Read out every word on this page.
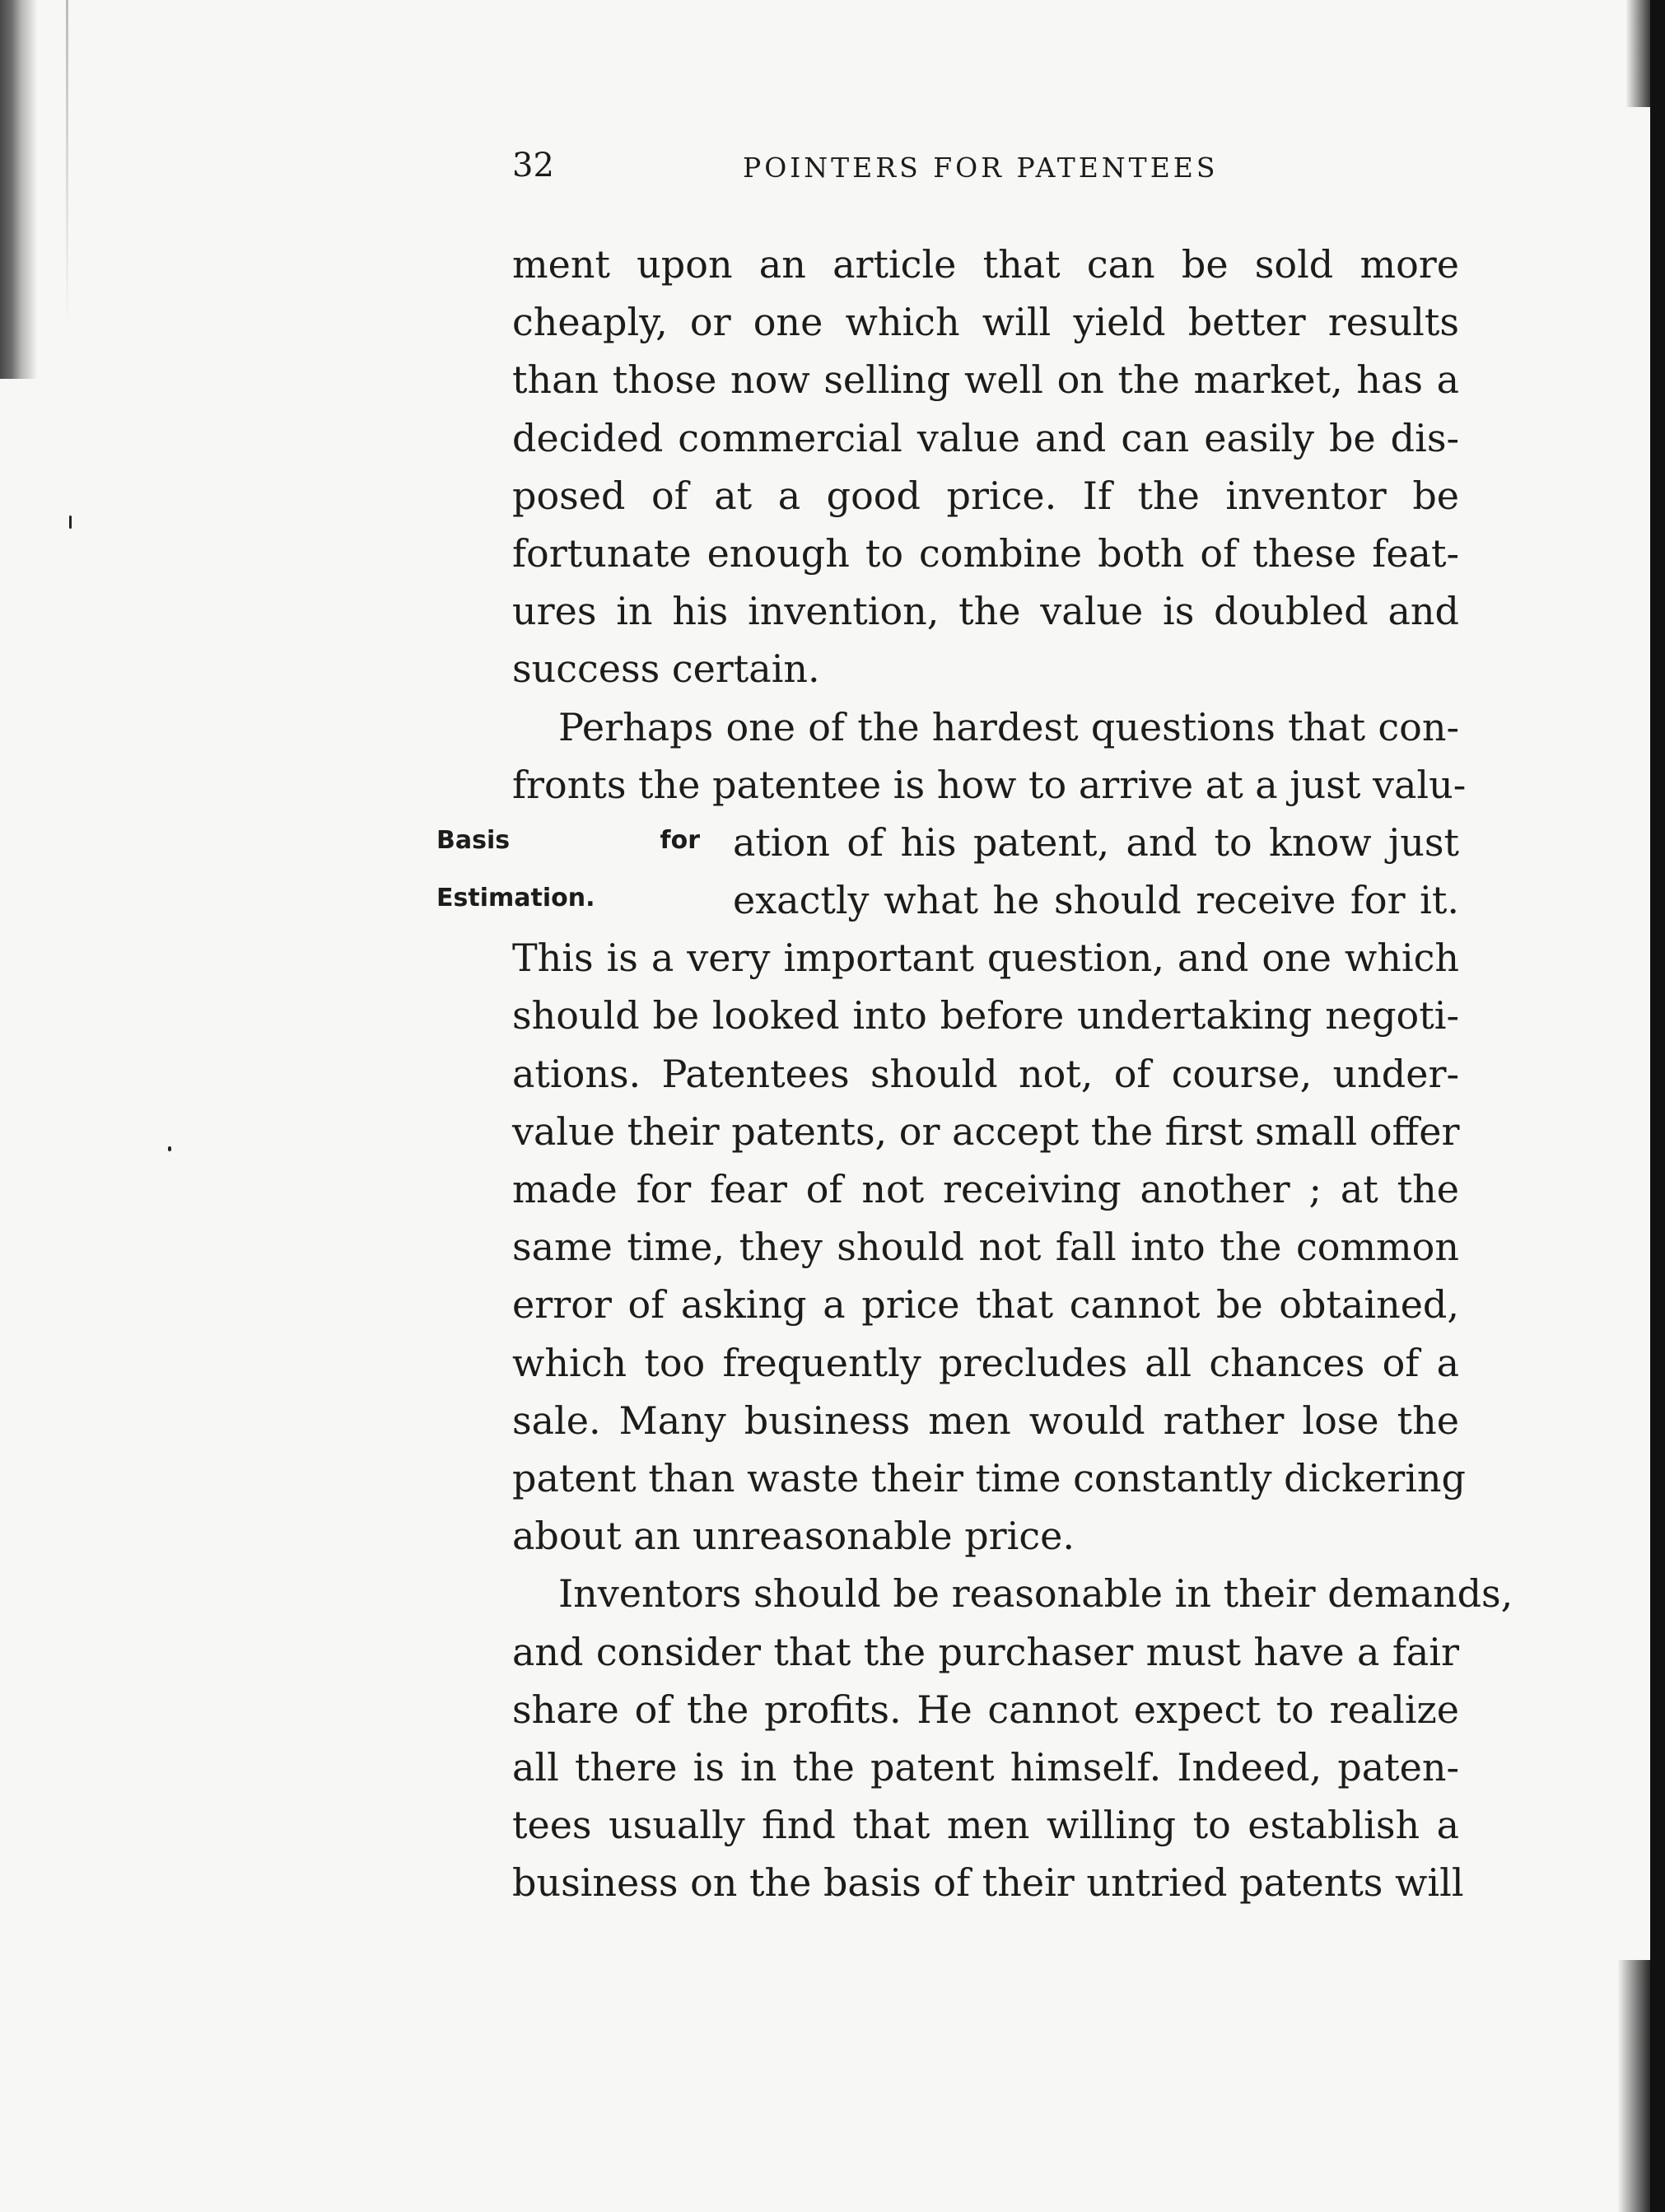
32	POINTERS FOR PATENTEES
ment upon an article that can be sold more
cheaply, or one which will yield better results
than those now selling well on the market, has a
decided commercial value and can easily be dis-
posed of at a good price. If the inventor be
fortunate enough to combine both of these feat-
ures in his invention, the value is doubled and
success certain.
Perhaps one of the hardest questions that con-
fronts the patentee is how to arrive at a just valu-
Basis for
Estimation.
ation of his patent, and to know just
exactly what he should receive for it.
This is a very important question, and one which
should be looked into before undertaking negoti-
ations. Patentees should not, of course, under-
value their patents, or accept the first small offer
made for fear of not receiving another ; at the
same time, they should not fall into the common
error of asking a price that cannot be obtained,
which too frequently precludes all chances of a
sale. Many business men would rather lose the
patent than waste their time constantly dickering
about an unreasonable price.
Inventors should be reasonable in their demands,
and consider that the purchaser must have a fair
share of the profits. He cannot expect to realize
all there is in the patent himself. Indeed, paten-
tees usually find that men willing to establish a
business on the basis of their untried patents will
